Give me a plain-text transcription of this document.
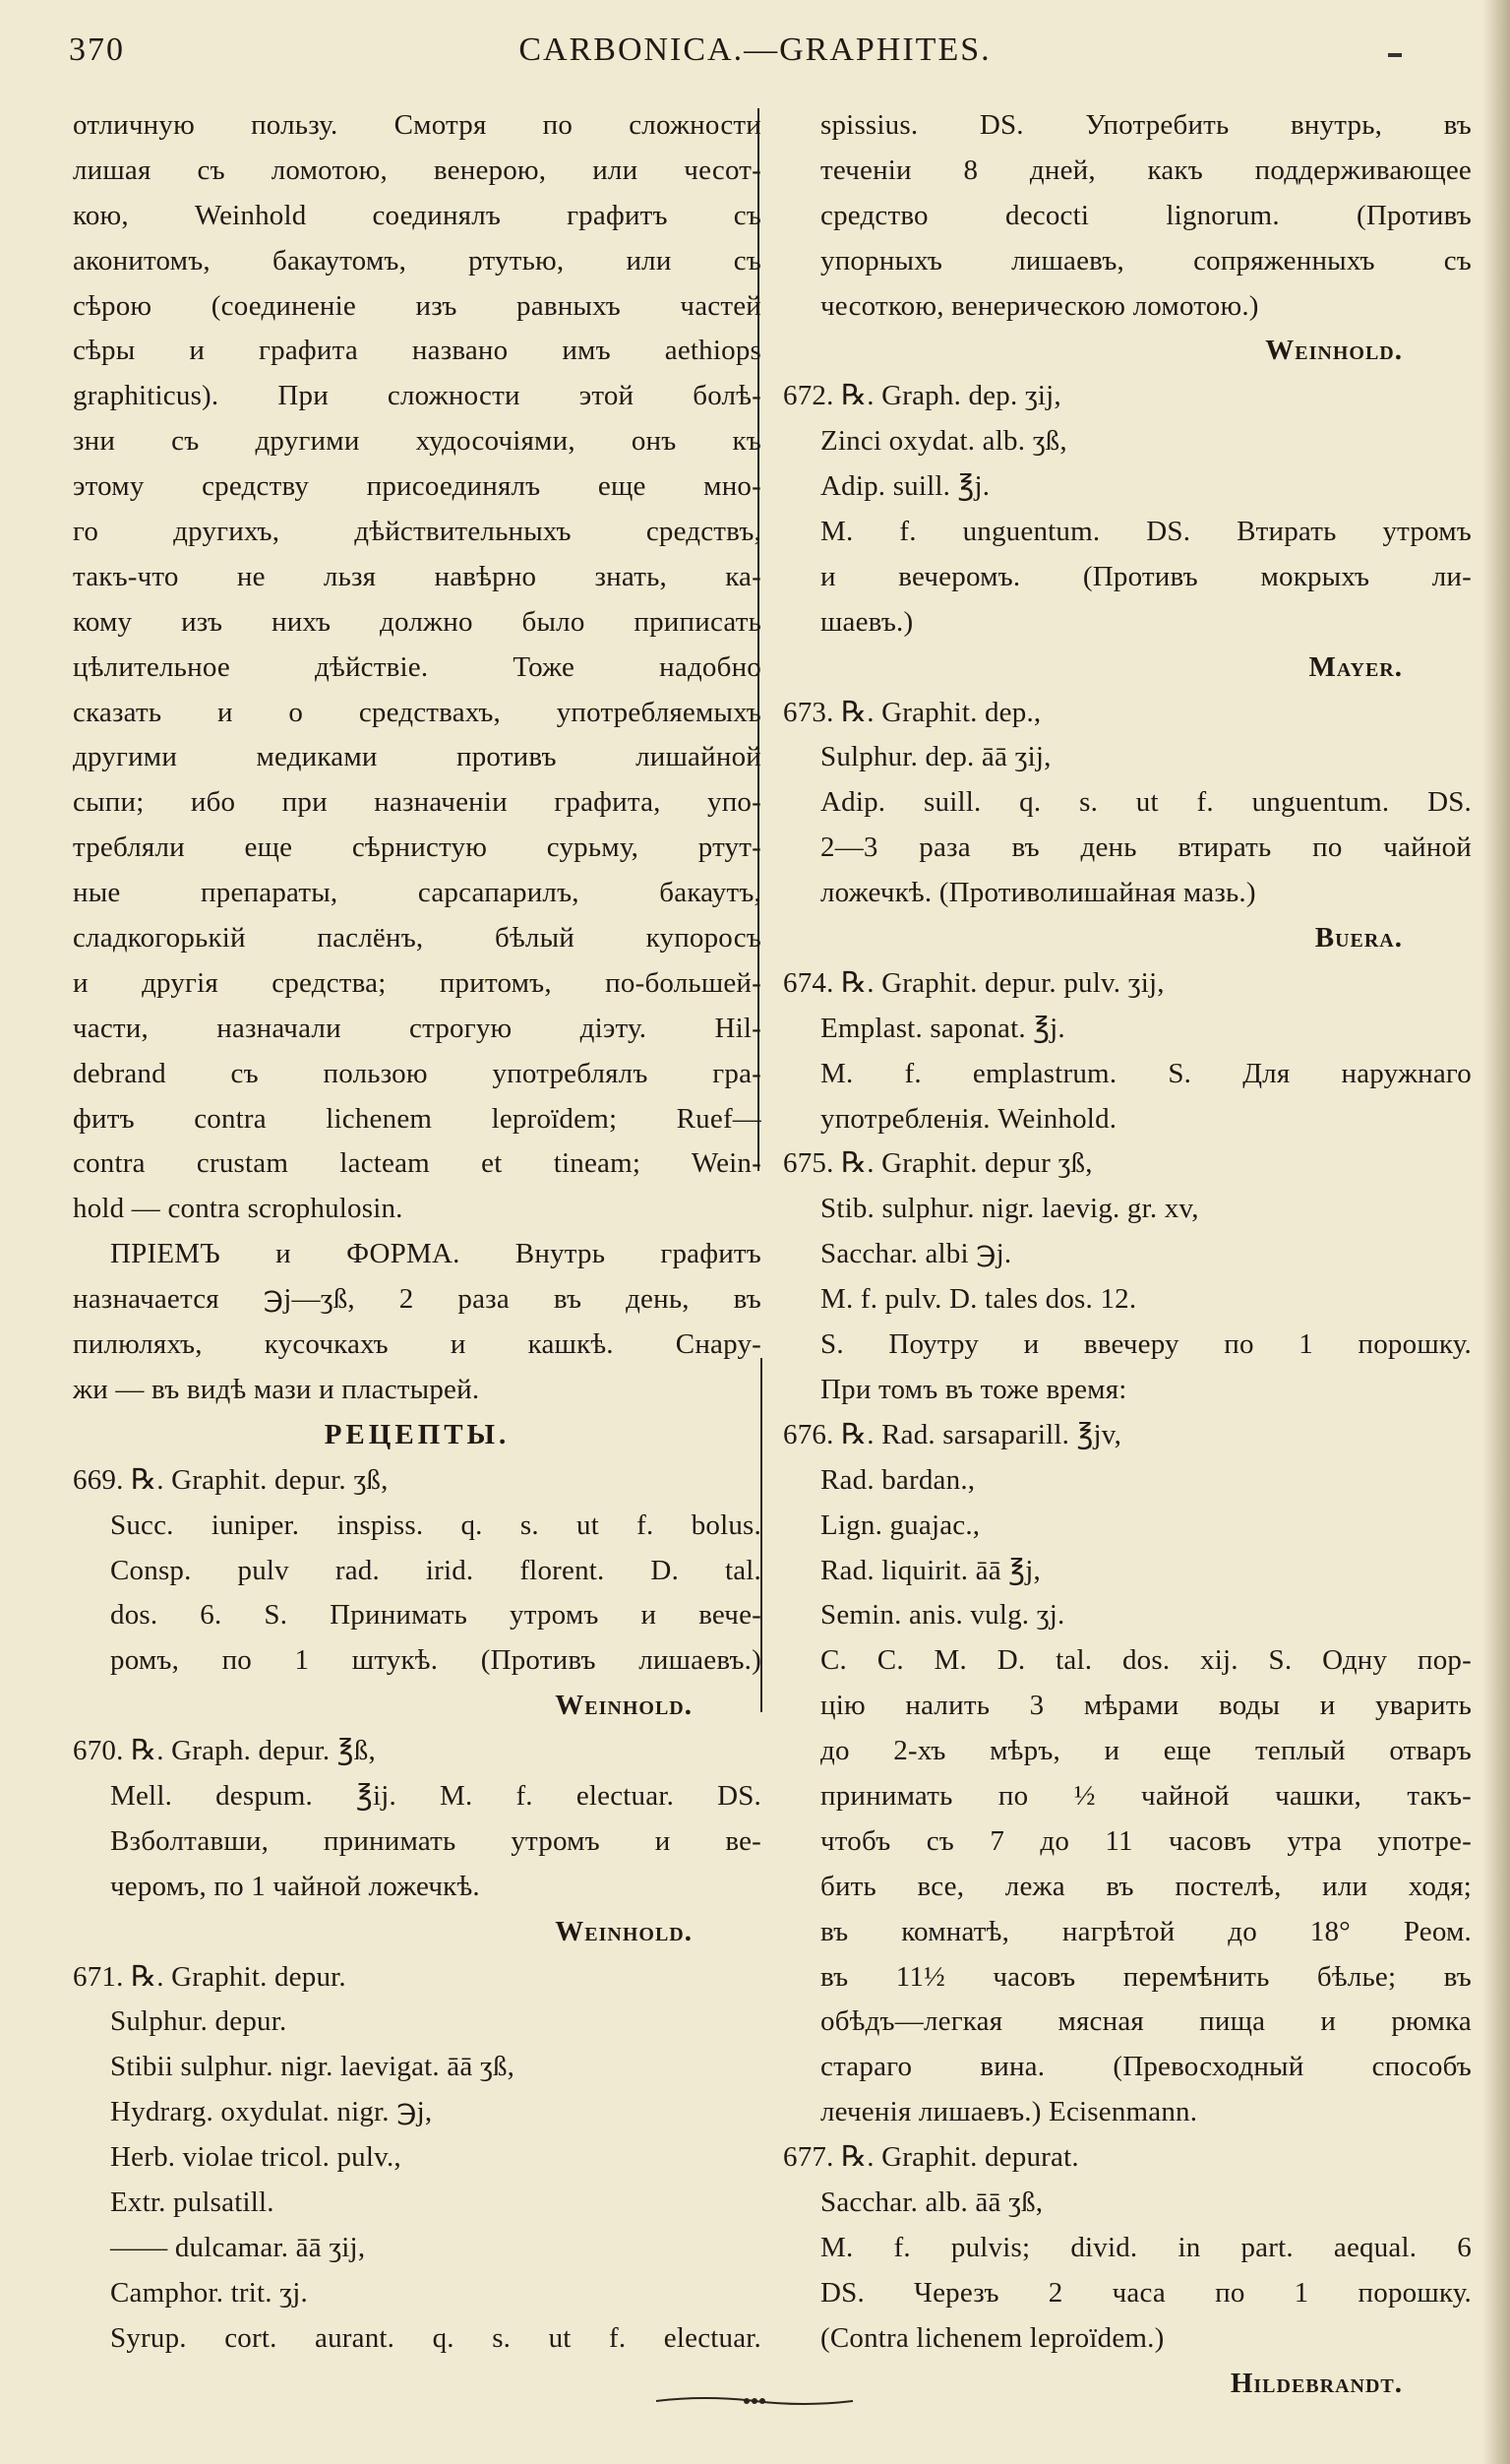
370	CARBONICA.—GRAPHITES.
отличную пользу. Смотря по сложности
лишая съ ломотою, венерою, или чесот-
кою, Weinhold соединялъ графитъ съ
аконитомъ, бакаутомъ, ртутью, или съ
сѣрою (соединеніе изъ равныхъ частей
сѣры и графита названо имъ aethiops
graphiticus). При сложности этой болѣ-
зни съ другими худосочіями, онъ къ
этому средству присоединялъ еще мно-
го другихъ, дѣйствительныхъ средствъ,
такъ-что не льзя навѣрно знать, ка-
кому изъ нихъ должно было приписать
цѣлительное дѣйствіе. Тоже надобно
сказать и о средствахъ, употребляемыхъ
другими медиками противъ лишайной
сыпи; ибо при назначеніи графита, упо-
требляли еще сѣрнистую сурьму, ртут-
ные препараты, сарсапарилъ, бакаутъ,
сладкогорькій паслёнъ, бѣлый купоросъ
и другія средства; притомъ, по-большей-
части, назначали строгую діэту. Hil-
debrand съ пользою употреблялъ гра-
фитъ contra lichenem leproïdem; Ruef—
contra crustam lacteam et tineam; Wein-
hold — contra scrophulosin.
ПРІЕМЪ и ФОРМА. Внутрь графитъ
назначается ℈j—ʒß, 2 раза въ день, въ
пилюляхъ, кусочкахъ и кашкѣ. Снару-
жи — въ видѣ мази и пластырей.
РЕЦЕПТЫ.
669. ℞. Graphit. depur. ʒß,
Succ. iuniper. inspiss. q. s. ut f. bolus.
Consp. pulv rad. irid. florent. D. tal.
dos. 6. S. Принимать утромъ и вече-
ромъ, по 1 штукѣ. (Противъ лишаевъ.)
Weinhold.
670. ℞. Graph. depur. ℥ß,
Mell. despum. ℥ij. M. f. electuar. DS.
Взболтавши, принимать утромъ и ве-
черомъ, по 1 чайной ложечкѣ.
Weinhold.
671. ℞. Graphit. depur.
Sulphur. depur.
Stibii sulphur. nigr. laevigat. āā ʒß,
Hydrarg. oxydulat. nigr. ℈j,
Herb. violae tricol. pulv.,
Extr. pulsatill.
—— dulcamar. āā ʒij,
Camphor. trit. ʒj.
Syrup. cort. aurant. q. s. ut f. electuar.
spissius. DS. Употребить внутрь, въ
теченіи 8 дней, какъ поддерживающее
средство decocti lignorum. (Противъ
упорныхъ лишаевъ, сопряженныхъ съ
чесоткою, венерическою ломотою.)
Weinhold.
672. ℞. Graph. dep. ʒij,
Zinci oxydat. alb. ʒß,
Adip. suill. ℥j.
M. f. unguentum. DS. Втирать утромъ
и вечеромъ. (Противъ мокрыхъ ли-
шаевъ.)
Mayer.
673. ℞. Graphit. dep.,
Sulphur. dep. āā ʒij,
Adip. suill. q. s. ut f. unguentum. DS.
2—3 раза въ день втирать по чайной
ложечкѣ. (Противолишайная мазь.)
Buera.
674. ℞. Graphit. depur. pulv. ʒij,
Emplast. saponat. ℥j.
M. f. emplastrum. S. Для наружнаго
употребленія. Weinhold.
675. ℞. Graphit. depur ʒß,
Stib. sulphur. nigr. laevig. gr. xv,
Sacchar. albi ℈j.
M. f. pulv. D. tales dos. 12.
S. Поутру и ввечеру по 1 порошку.
При томъ въ тоже время:
676. ℞. Rad. sarsaparill. ℥jv,
Rad. bardan.,
Lign. guajac.,
Rad. liquirit. āā ℥j,
Semin. anis. vulg. ʒj.
C. C. M. D. tal. dos. xij. S. Одну пор-
цію налить 3 мѣрами воды и уварить
до 2-хъ мѣръ, и еще теплый отваръ
принимать по ½ чайной чашки, такъ-
чтобъ съ 7 до 11 часовъ утра употре-
бить все, лежа въ постелѣ, или ходя;
въ комнатѣ, нагрѣтой до 18° Реом.
въ 11½ часовъ перемѣнить бѣлье; въ
обѣдъ—легкая мясная пища и рюмка
стараго вина. (Превосходный способъ
леченія лишаевъ.) Ecisenmann.
677. ℞. Graphit. depurat.
Sacchar. alb. āā ʒß,
M. f. pulvis; divid. in part. aequal. 6
DS. Черезъ 2 часа по 1 порошку.
(Contra lichenem leproïdem.)
Hildebrandt.
